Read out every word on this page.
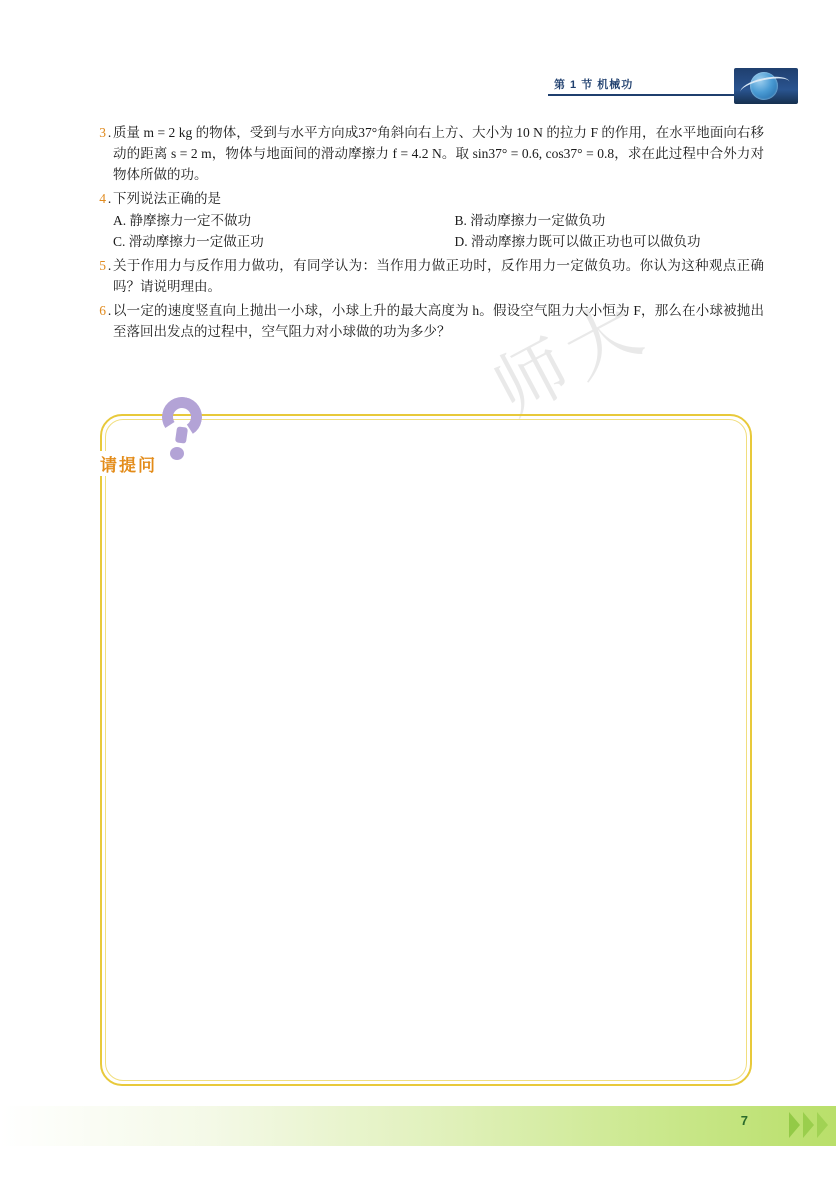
第 1 节 机械功
师大
3 . 质量 m = 2 kg 的物体，受到与水平方向成37°角斜向右上方、大小为 10 N 的拉力 F 的作用，在水平地面向右移动的距离 s = 2 m，物体与地面间的滑动摩擦力 f = 4.2 N。取 sin37° = 0.6, cos37° = 0.8，求在此过程中合外力对物体所做的功。
4 . 下列说法正确的是
A. 静摩擦力一定不做功	B. 滑动摩擦力一定做负功
C. 滑动摩擦力一定做正功	D. 滑动摩擦力既可以做正功也可以做负功
5 . 关于作用力与反作用力做功，有同学认为：当作用力做正功时，反作用力一定做负功。你认为这种观点正确吗？请说明理由。
6 . 以一定的速度竖直向上抛出一小球，小球上升的最大高度为 h。假设空气阻力大小恒为 F，那么在小球被抛出至落回出发点的过程中，空气阻力对小球做的功为多少？
请提问
7
